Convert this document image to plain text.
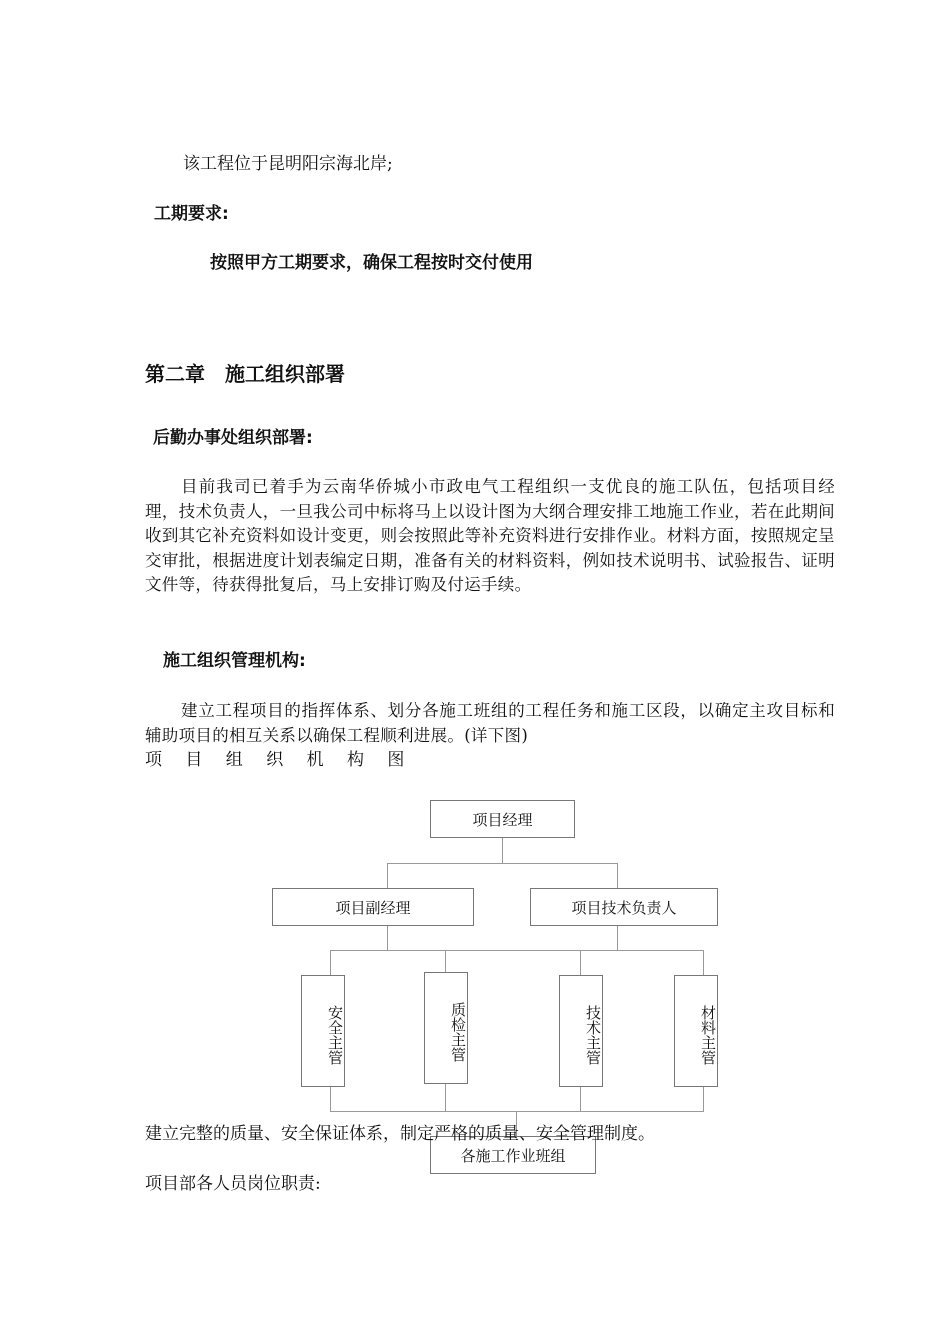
该工程位于昆明阳宗海北岸;
工期要求:
按照甲方工期要求，确保工程按时交付使用
第二章　施工组织部署
后勤办事处组织部署:
目前我司已着手为云南华侨城小市政电气工程组织一支优良的施工队伍，包括项目经理，技术负责人，一旦我公司中标将马上以设计图为大纲合理安排工地施工作业，若在此期间收到其它补充资料如设计变更，则会按照此等补充资料进行安排作业。材料方面，按照规定呈交审批，根据进度计划表编定日期，准备有关的材料资料，例如技术说明书、试验报告、证明文件等，待获得批复后，马上安排订购及付运手续。
施工组织管理机构:
建立工程项目的指挥体系、划分各施工班组的工程任务和施工区段，以确定主攻目标和辅助项目的相互关系以确保工程顺利进展。(详下图)
项 目 组 织 机 构 图
项目经理
项目副经理	项目技术负责人
安全主管	质检主管	技术主管	材料主管
各施工作业班组
建立完整的质量、安全保证体系，制定严格的质量、安全管理制度。
项目部各人员岗位职责:
